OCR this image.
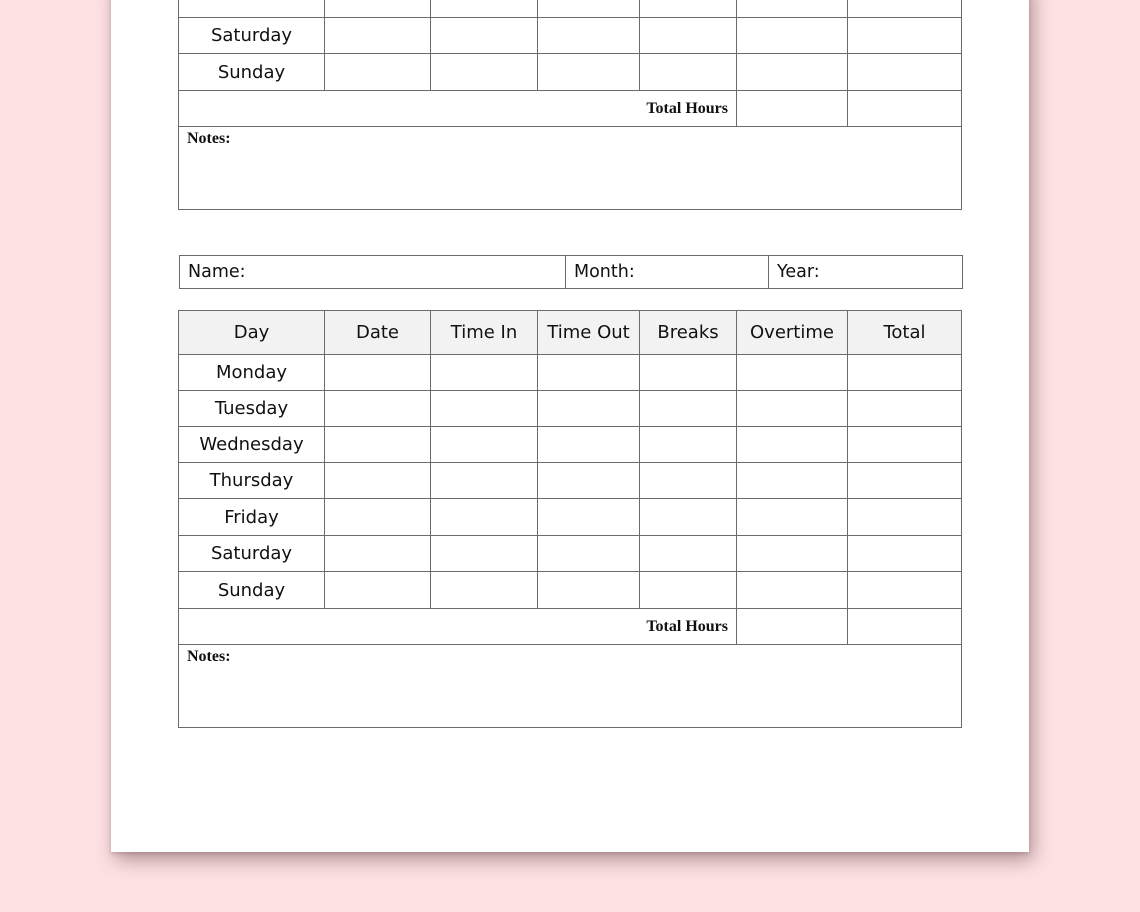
Saturday						
Sunday						
Total Hours						
Notes:						
Name:	Month:	Year:
Day	Date	Time In	Time Out	Breaks	Overtime	Total
Monday						
Tuesday						
Wednesday						
Thursday						
Friday						
Saturday						
Sunday						
Total Hours						
Notes:						
